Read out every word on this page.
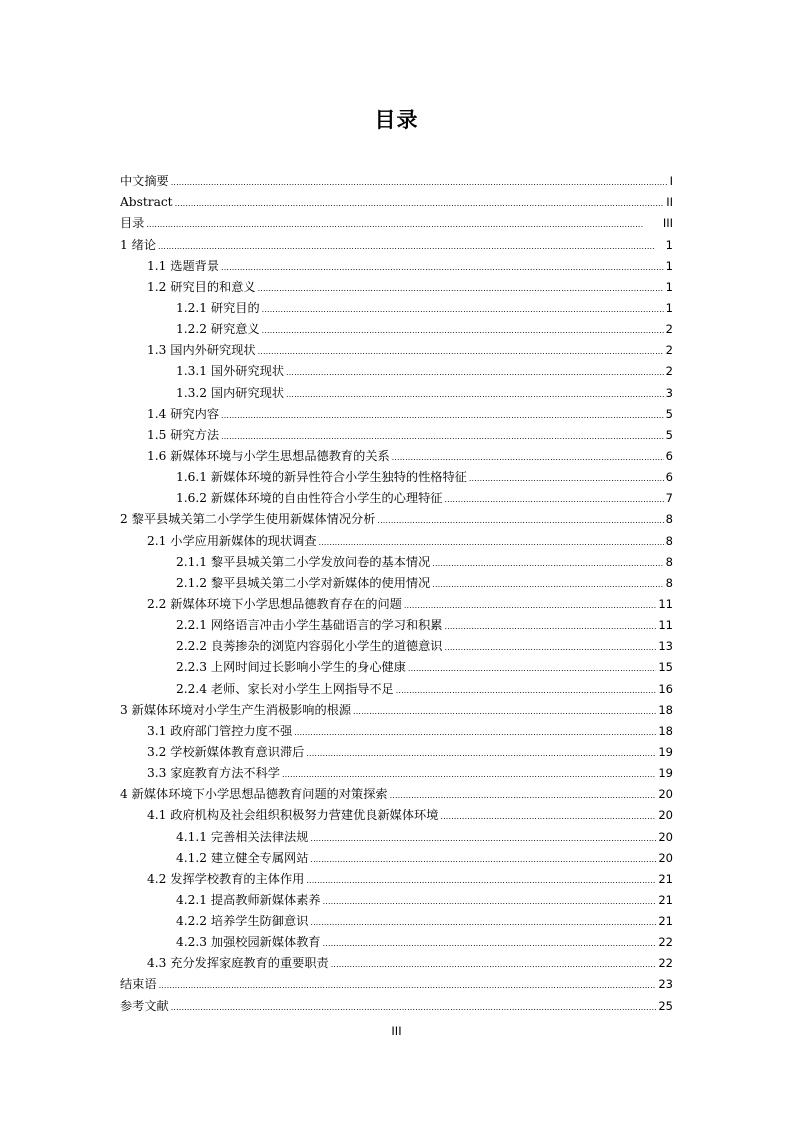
目录
中文摘要 . . .	I
Abstract . . .	II
目录 . . .	III
1 绪论 . . .	1
1.1 选题背景 . . .	1
1.2 研究目的和意义 . . .	1
1.2.1 研究目的 . . .	1
1.2.2 研究意义 . . .	2
1.3 国内外研究现状 . . .	2
1.3.1 国外研究现状 . . .	2
1.3.2 国内研究现状 . . .	3
1.4 研究内容 . . .	5
1.5 研究方法 . . .	5
1.6 新媒体环境与小学生思想品德教育的关系 . . .	6
1.6.1 新媒体环境的新异性符合小学生独特的性格特征 . . .	6
1.6.2 新媒体环境的自由性符合小学生的心理特征 . . .	7
2 黎平县城关第二小学学生使用新媒体情况分析 . . .	8
2.1 小学应用新媒体的现状调查 . . .	8
2.1.1 黎平县城关第二小学发放问卷的基本情况 . . .	8
2.1.2 黎平县城关第二小学对新媒体的使用情况 . . .	8
2.2 新媒体环境下小学思想品德教育存在的问题 . . .	11
2.2.1 网络语言冲击小学生基础语言的学习和积累 . . .	11
2.2.2 良莠掺杂的浏览内容弱化小学生的道德意识 . . .	13
2.2.3 上网时间过长影响小学生的身心健康 . . .	15
2.2.4 老师、家长对小学生上网指导不足 . . .	16
3 新媒体环境对小学生产生消极影响的根源 . . .	18
3.1 政府部门管控力度不强 . . .	18
3.2 学校新媒体教育意识滞后 . . .	19
3.3 家庭教育方法不科学 . . .	19
4 新媒体环境下小学思想品德教育问题的对策探索 . . .	20
4.1 政府机构及社会组织积极努力营建优良新媒体环境 . . .	20
4.1.1 完善相关法律法规 . . .	20
4.1.2 建立健全专属网站 . . .	20
4.2 发挥学校教育的主体作用 . . .	21
4.2.1 提高教师新媒体素养 . . .	21
4.2.2 培养学生防御意识 . . .	21
4.2.3 加强校园新媒体教育 . . .	22
4.3 充分发挥家庭教育的重要职责 . . .	22
结束语 . . .	23
参考文献 . . .	25
III
